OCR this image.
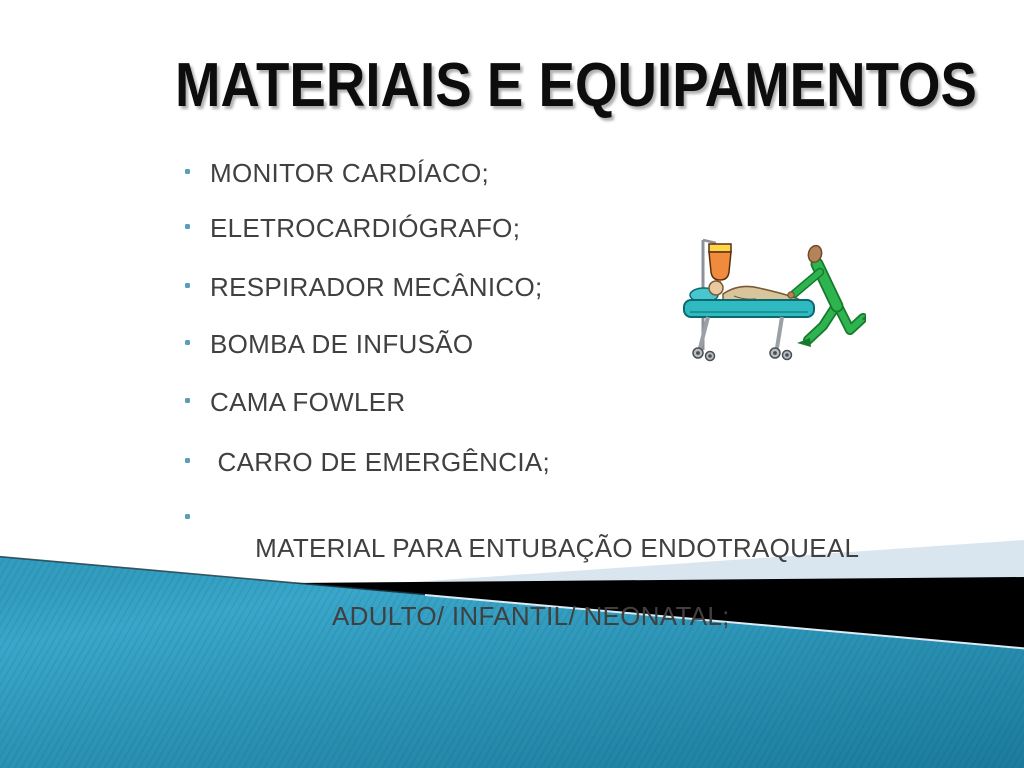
MATERIAIS E EQUIPAMENTOS
MONITOR CARDÍACO;
ELETROCARDIÓGRAFO;
RESPIRADOR MECÂNICO;
BOMBA DE INFUSÃO
CAMA FOWLER
CARRO DE EMERGÊNCIA;

MATERIAL PARA ENTUBAÇÃO ENDOTRAQUEAL

ADULTO/ INFANTIL/ NEONATAL;
